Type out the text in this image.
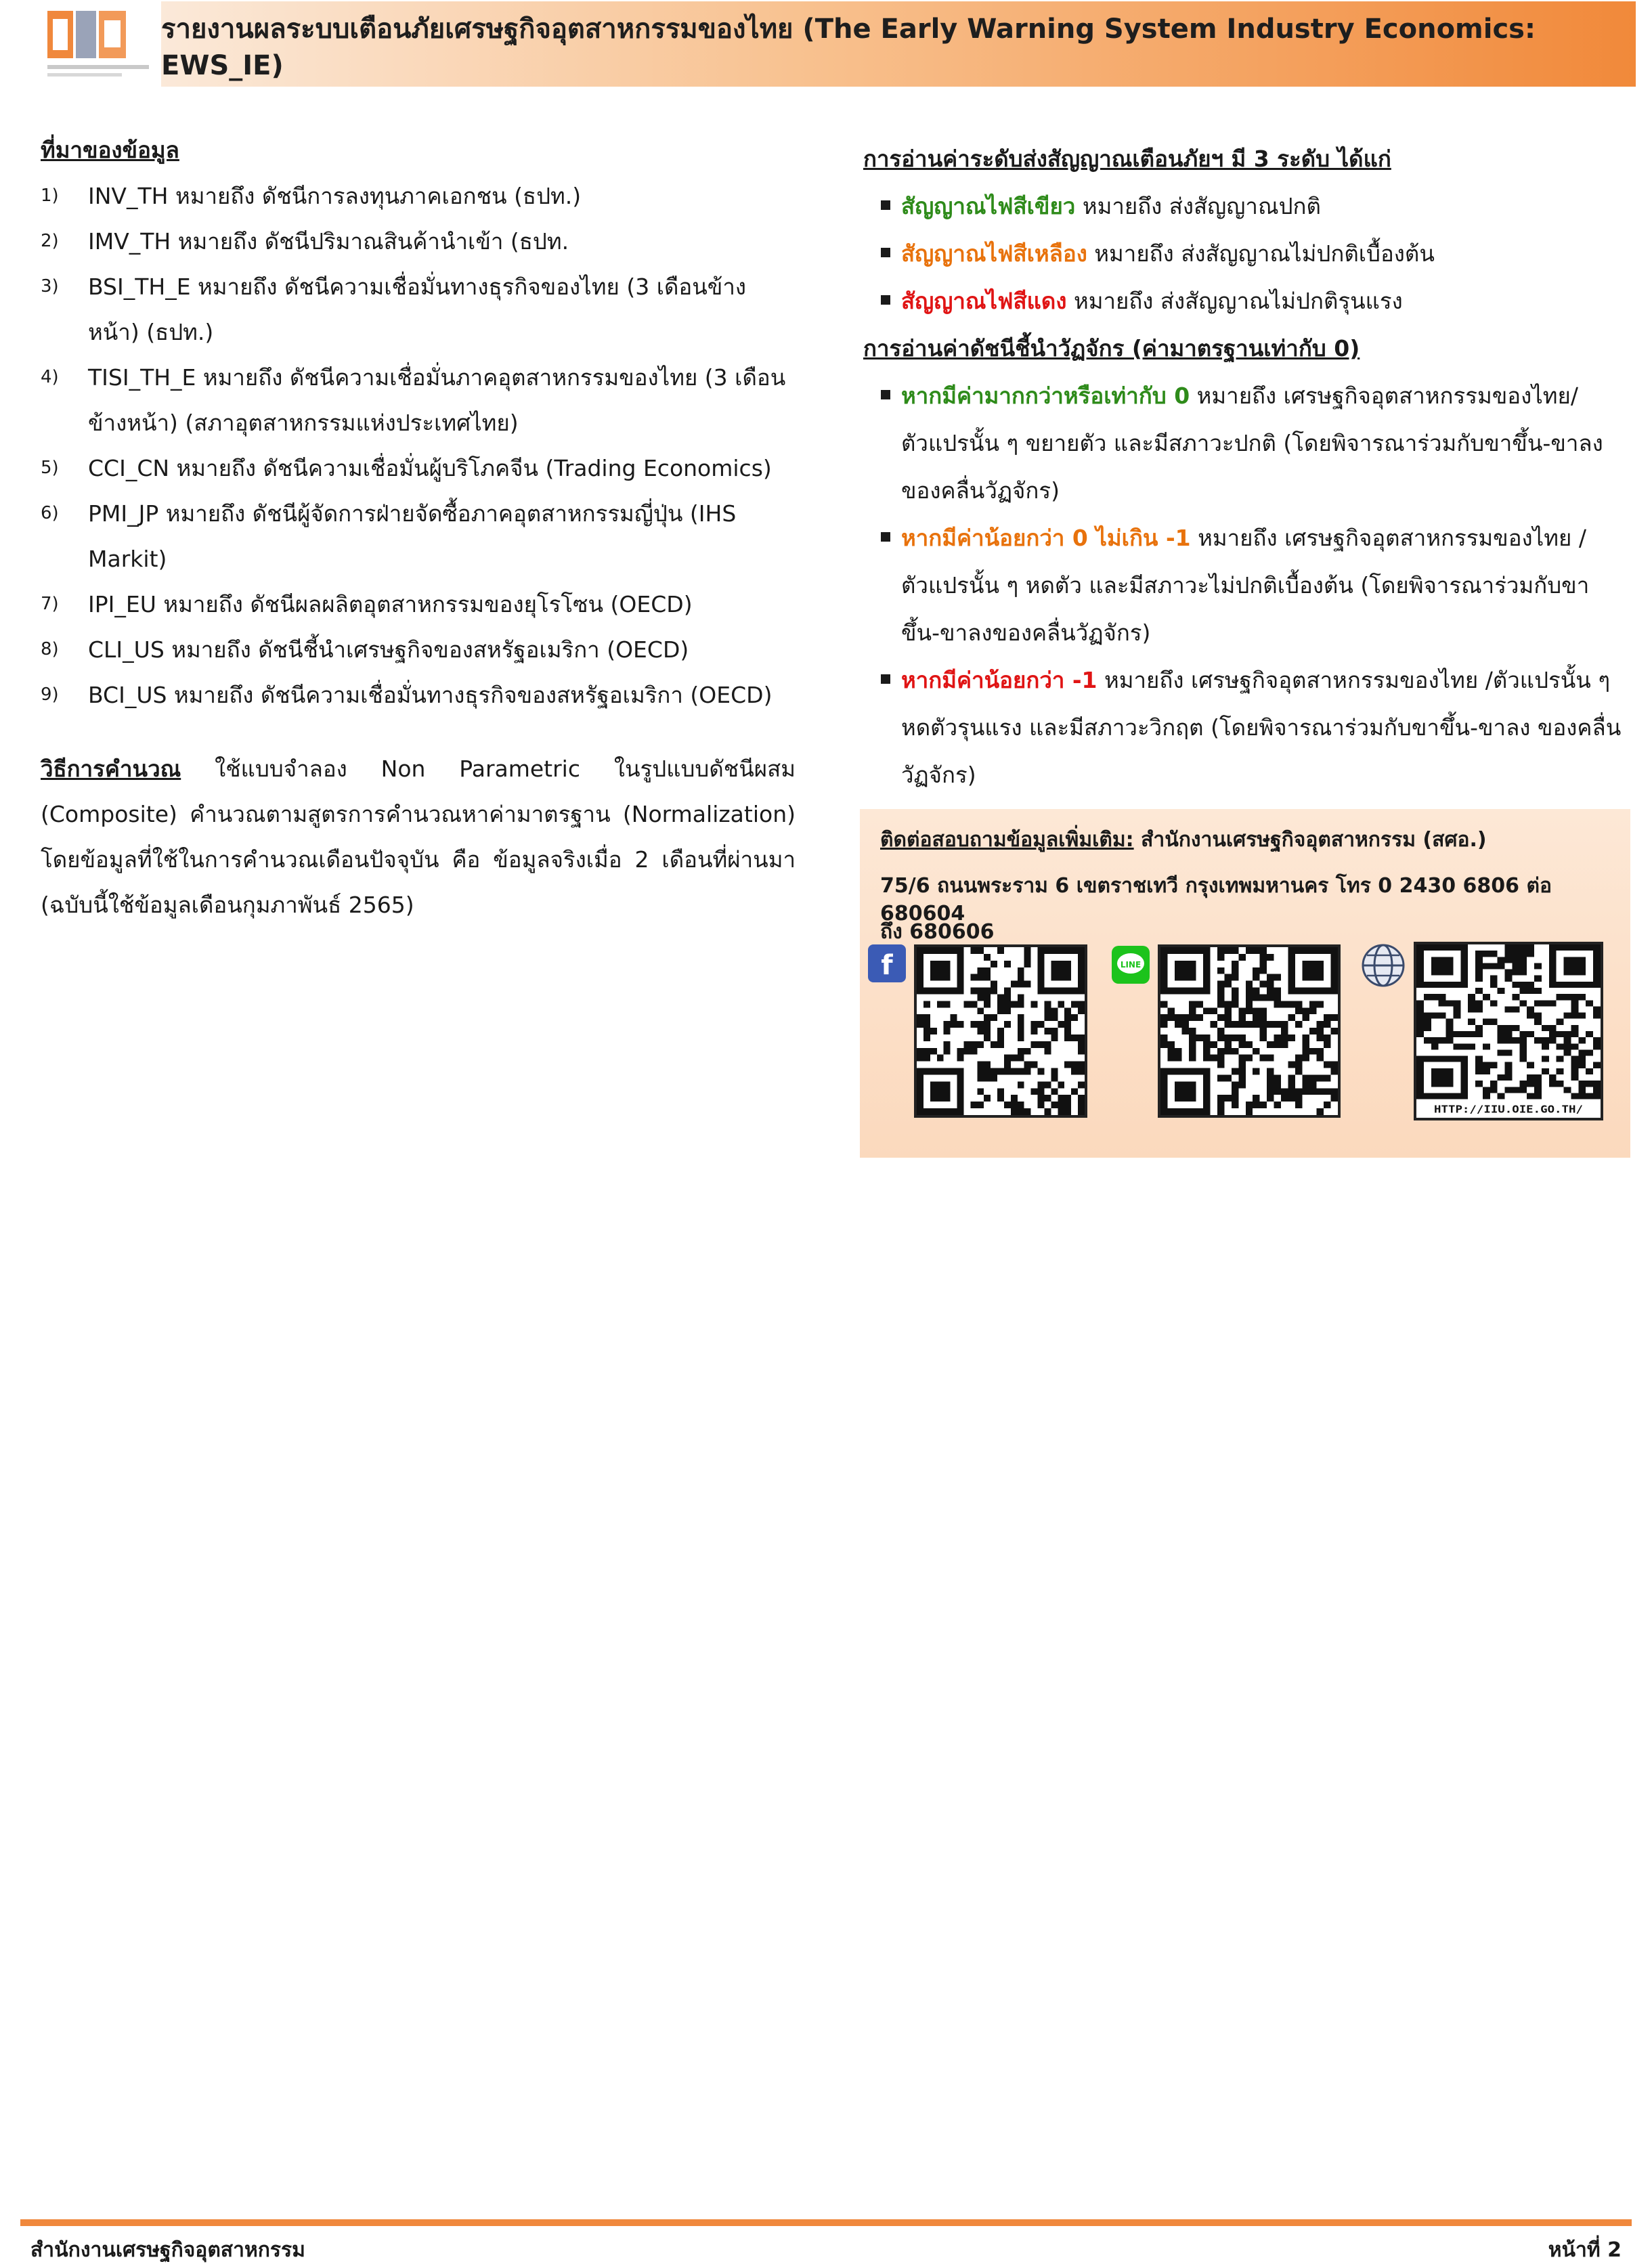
รายงานผลระบบเตือนภัยเศรษฐกิจอุตสาหกรรมของไทย (The Early Warning System Industry Economics: EWS_IE)
ที่มาของข้อมูล
1) INV_TH หมายถึง ดัชนีการลงทุนภาคเอกชน (ธปท.)
2) IMV_TH หมายถึง ดัชนีปริมาณสินค้านำเข้า (ธปท.
3) BSI_TH_E หมายถึง ดัชนีความเชื่อมั่นทางธุรกิจของไทย (3 เดือนข้างหน้า) (ธปท.)
4) TISI_TH_E หมายถึง ดัชนีความเชื่อมั่นภาคอุตสาหกรรมของไทย (3 เดือนข้างหน้า) (สภาอุตสาหกรรมแห่งประเทศไทย)
5) CCI_CN หมายถึง ดัชนีความเชื่อมั่นผู้บริโภคจีน (Trading Economics)
6) PMI_JP หมายถึง ดัชนีผู้จัดการฝ่ายจัดซื้อภาคอุตสาหกรรมญี่ปุ่น (IHS Markit)
7) IPI_EU หมายถึง ดัชนีผลผลิตอุตสาหกรรมของยุโรโซน (OECD)
8) CLI_US หมายถึง ดัชนีชี้นำเศรษฐกิจของสหรัฐอเมริกา (OECD)
9) BCI_US หมายถึง ดัชนีความเชื่อมั่นทางธุรกิจของสหรัฐอเมริกา (OECD)
วิธีการคำนวณ ใช้แบบจำลอง Non Parametric ในรูปแบบดัชนีผสม (Composite) คำนวณตามสูตรการคำนวณหาค่ามาตรฐาน (Normalization) โดยข้อมูลที่ใช้ในการคำนวณเดือนปัจจุบัน คือ ข้อมูลจริงเมื่อ 2 เดือนที่ผ่านมา (ฉบับนี้ใช้ข้อมูลเดือนกุมภาพันธ์ 2565)
การอ่านค่าระดับส่งสัญญาณเตือนภัยฯ มี 3 ระดับ ได้แก่
สัญญาณไฟสีเขียว หมายถึง ส่งสัญญาณปกติ
สัญญาณไฟสีเหลือง หมายถึง ส่งสัญญาณไม่ปกติเบื้องต้น
สัญญาณไฟสีแดง หมายถึง ส่งสัญญาณไม่ปกติรุนแรง
การอ่านค่าดัชนีชี้นำวัฏจักร (ค่ามาตรฐานเท่ากับ 0)
หากมีค่ามากกว่าหรือเท่ากับ 0 หมายถึง เศรษฐกิจอุตสาหกรรมของไทย/ ตัวแปรนั้น ๆ ขยายตัว และมีสภาวะปกติ (โดยพิจารณาร่วมกับขาขึ้น-ขาลงของคลื่นวัฏจักร)
หากมีค่าน้อยกว่า 0 ไม่เกิน -1 หมายถึง เศรษฐกิจอุตสาหกรรมของไทย /ตัวแปรนั้น ๆ หดตัว และมีสภาวะไม่ปกติเบื้องต้น (โดยพิจารณาร่วมกับขาขึ้น-ขาลงของคลื่นวัฏจักร)
หากมีค่าน้อยกว่า -1 หมายถึง เศรษฐกิจอุตสาหกรรมของไทย /ตัวแปรนั้น ๆ หดตัวรุนแรง และมีสภาวะวิกฤต (โดยพิจารณาร่วมกับขาขึ้น-ขาลง ของคลื่นวัฏจักร)
ติดต่อสอบถามข้อมูลเพิ่มเติม: สำนักงานเศรษฐกิจอุตสาหกรรม (สศอ.)
75/6 ถนนพระราม 6 เขตราชเทวี กรุงเทพมหานคร โทร 0 2430 6806 ต่อ 680604
ถึง 680606
f	LINE
HTTP://IIU.OIE.GO.TH/
สำนักงานเศรษฐกิจอุตสาหกรรม	หน้าที่ 2
